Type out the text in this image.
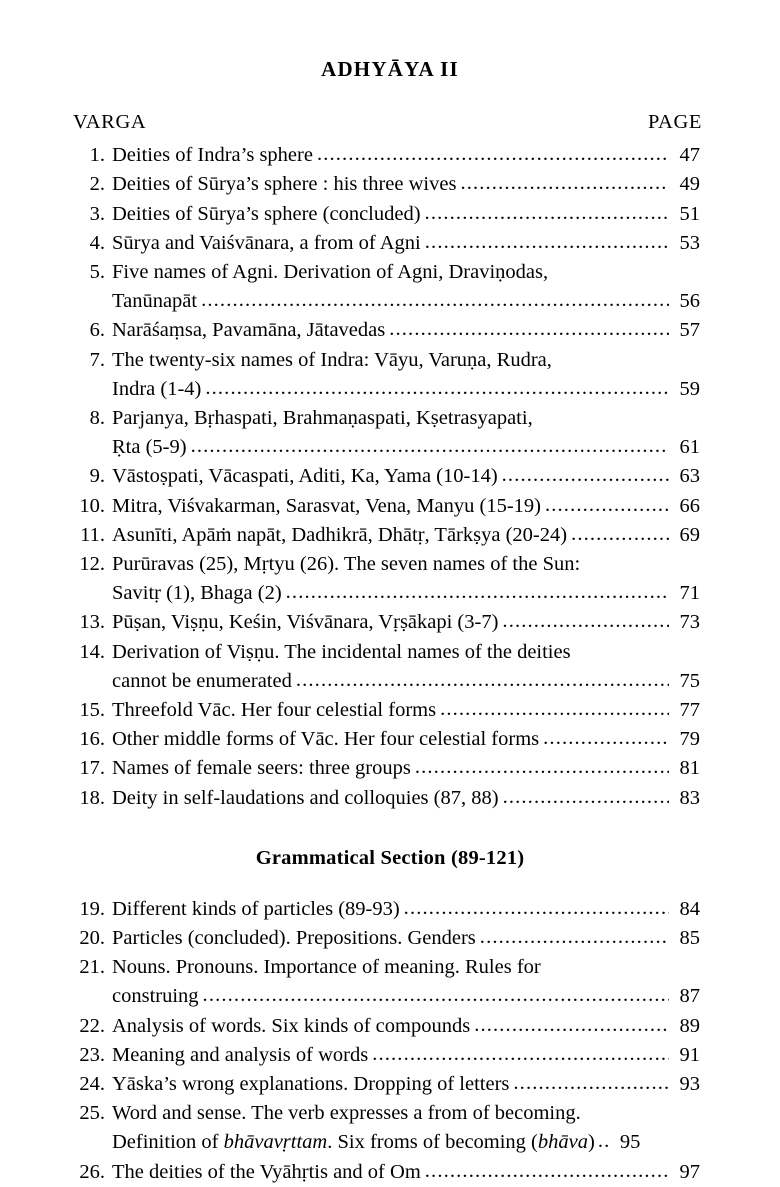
ADHYĀYA II
VARGA	PAGE
1. Deities of Indra’s sphere .....	47
2. Deities of Sūrya’s sphere : his three wives .....	49
3. Deities of Sūrya’s sphere (concluded) .....	51
4. Sūrya and Vaiśvānara, a from of Agni .....	53
5. Five names of Agni. Derivation of Agni, Draviṇodas,
Tanūnapāt .....	56
6. Narāśaṃsa, Pavamāna, Jātavedas .....	57
7. The twenty-six names of Indra: Vāyu, Varuṇa, Rudra,
Indra (1-4) .....	59
8. Parjanya, Bṛhaspati, Brahmaṇaspati, Kṣetrasyapati,
Ṛta (5-9) .....	61
9. Vāstoṣpati, Vācaspati, Aditi, Ka, Yama (10-14) .....	63
10. Mitra, Viśvakarman, Sarasvat, Vena, Manyu (15-19) .....	66
11. Asunīti, Apāṁ napāt, Dadhikrā, Dhātṛ, Tārkṣya (20-24) .....	69
12. Purūravas (25), Mṛtyu (26). The seven names of the Sun:
Savitṛ (1), Bhaga (2) .....	71
13. Pūṣan, Viṣṇu, Keśin, Viśvānara, Vṛṣākapi (3-7) .....	73
14. Derivation of Viṣṇu. The incidental names of the deities
cannot be enumerated .....	75
15. Threefold Vāc. Her four celestial forms .....	77
16. Other middle forms of Vāc. Her four celestial forms .....	79
17. Names of female seers: three groups .....	81
18. Deity in self-laudations and colloquies (87, 88) .....	83
Grammatical Section (89-121)
19. Different kinds of particles (89-93) .....	84
20. Particles (concluded). Prepositions. Genders .....	85
21. Nouns. Pronouns. Importance of meaning. Rules for
construing .....	87
22. Analysis of words. Six kinds of compounds .....	89
23. Meaning and analysis of words .....	91
24. Yāska’s wrong explanations. Dropping of letters .....	93
25. Word and sense. The verb expresses a from of becoming.
Definition of bhāvavṛttam. Six froms of becoming (bhāva) ..	95
26. The deities of the Vyāhṛtis and of Om .....	97
